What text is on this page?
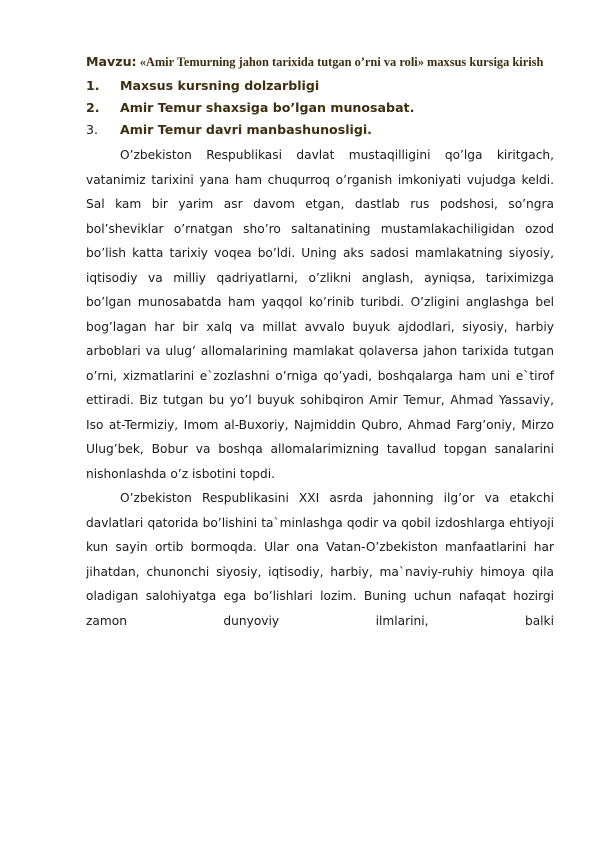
Mavzu: «Amir Temurning jahon tarixida tutgan o’rni va roli» maxsus kursiga kirish

1.	Maxsus kursning dolzarbligi
2.	Amir Temur shaxsiga bo’lgan munosabat.
3.	Amir Temur davri manbashunosligi.

O’zbekiston Respublikasi davlat mustaqilligini qo’lga kiritgach, vatanimiz tarixini yana ham chuqurroq o’rganish imkoniyati vujudga keldi. Sal kam bir yarim asr davom etgan, dastlab rus podshosi, so’ngra bol’sheviklar o’rnatgan sho’ro saltanatining mustamlakachiligidan ozod bo’lish katta tarixiy voqea bo’ldi. Uning aks sadosi mamlakatning siyosiy, iqtisodiy va milliy qadriyatlarni, o’zlikni anglash, ayniqsa, tariximizga bo’lgan munosabatda ham yaqqol ko’rinib turibdi. O’zligini anglashga bel bog’lagan har bir xalq va millat avvalo buyuk ajdodlari, siyosiy, harbiy arboblari va ulug’ allomalarining mamlakat qolaversa jahon tarixida tutgan o’rni, xizmatlarini e`zozlashni o’rniga qo’yadi, boshqalarga ham uni e`tirof ettiradi. Biz tutgan bu yo’l buyuk sohibqiron Amir Temur, Ahmad Yassaviy, Iso at-Termiziy, Imom al-Buxoriy, Najmiddin Qubro, Ahmad Farg’oniy, Mirzo Ulug’bek, Bobur va boshqa allomalarimizning tavallud topgan sanalarini nishonlashda o’z isbotini topdi.

O’zbekiston Respublikasini XXI asrda jahonning ilg’or va etakchi davlatlari qatorida bo’lishini ta`minlashga qodir va qobil izdoshlarga ehtiyoji kun sayin ortib bormoqda. Ular ona Vatan-O’zbekiston manfaatlarini har jihatdan, chunonchi siyosiy, iqtisodiy, harbiy, ma`naviy-ruhiy himoya qila oladigan salohiyatga ega bo’lishlari lozim. Buning uchun nafaqat hozirgi zamon dunyoviy ilmlarini, balki
